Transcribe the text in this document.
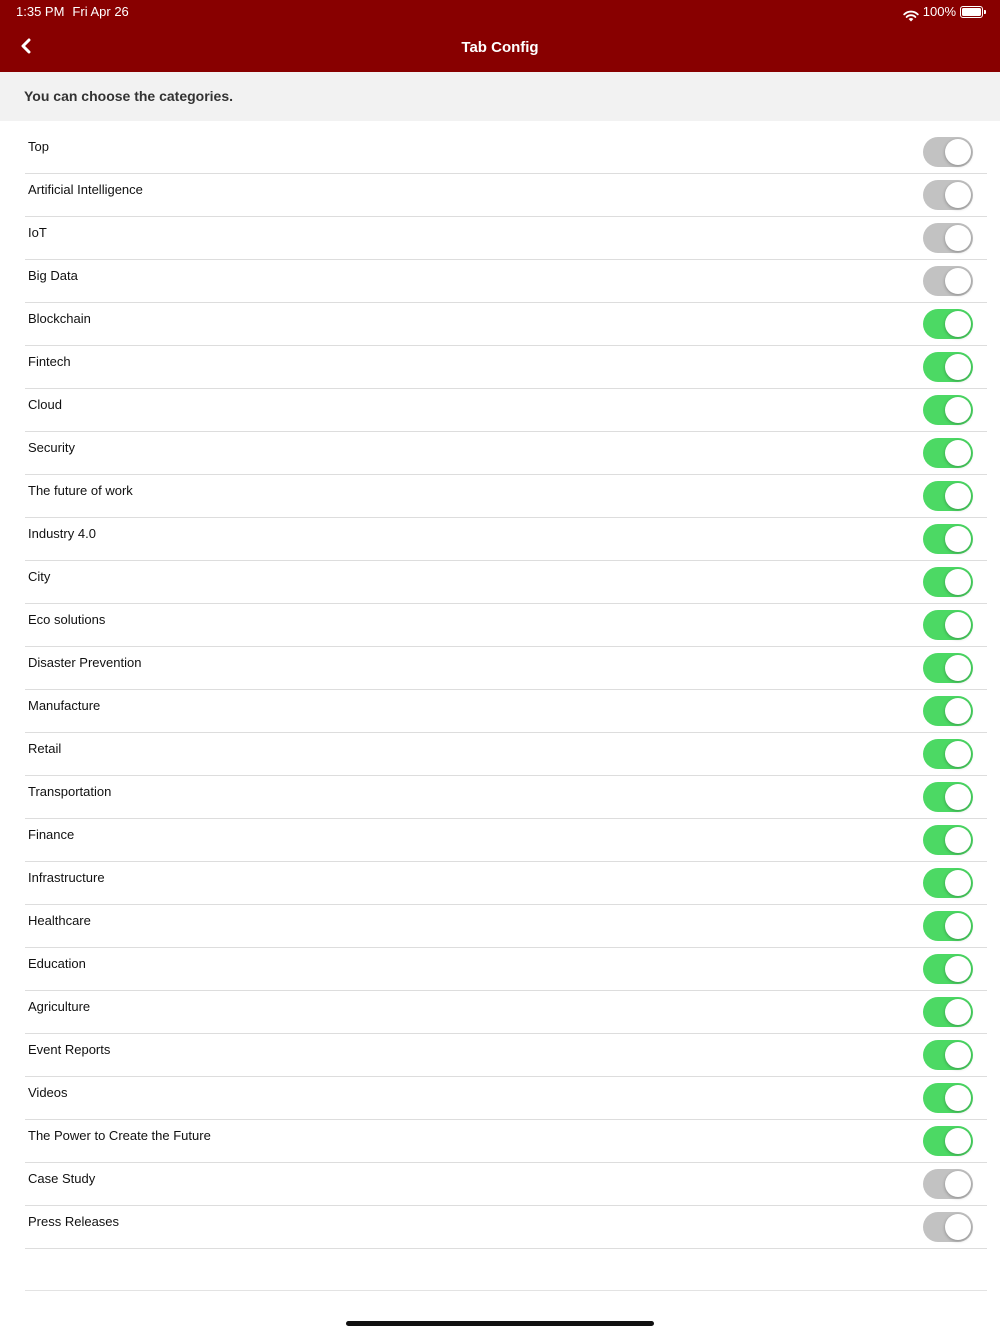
1:35 PM Fri Apr 26	100%
Tab Config
You can choose the categories.
Top
Artificial Intelligence
IoT
Big Data
Blockchain
Fintech
Cloud
Security
The future of work
Industry 4.0
City
Eco solutions
Disaster Prevention
Manufacture
Retail
Transportation
Finance
Infrastructure
Healthcare
Education
Agriculture
Event Reports
Videos
The Power to Create the Future
Case Study
Press Releases
